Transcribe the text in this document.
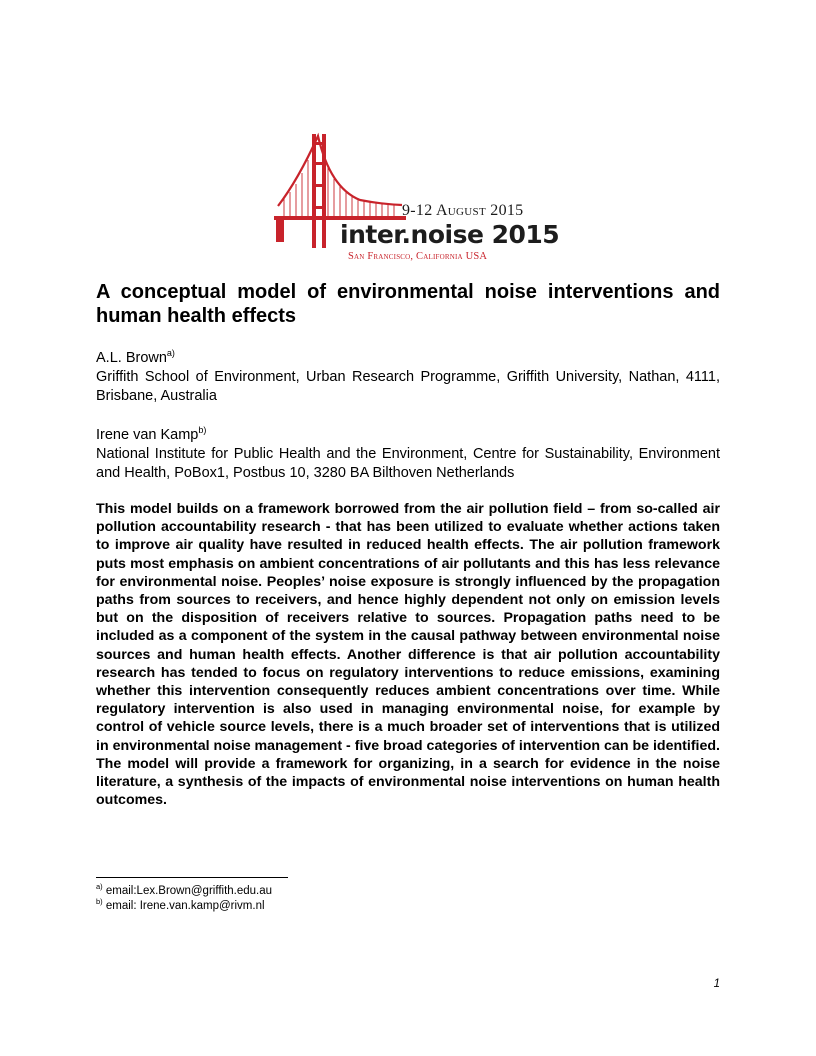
9-12 August 2015
inter.noise 2015
San Francisco, California USA
A conceptual model of environmental noise interventions and human health effects
A.L. Brown$^{a)}$
Griffith School of Environment, Urban Research Programme, Griffith University, Nathan, 4111, Brisbane, Australia
Irene van Kamp$^{b)}$
National Institute for Public Health and the Environment, Centre for Sustainability, Environment and Health, PoBox1, Postbus 10, 3280 BA Bilthoven Netherlands

This model builds on a framework borrowed from the air pollution field – from so-called air pollution accountability research - that has been utilized to evaluate whether actions taken to improve air quality have resulted in reduced health effects. The air pollution framework puts most emphasis on ambient concentrations of air pollutants and this has less relevance for environmental noise. Peoples’ noise exposure is strongly influenced by the propagation paths from sources to receivers, and hence highly dependent not only on emission levels but on the disposition of receivers relative to sources. Propagation paths need to be included as a component of the system in the causal pathway between environmental noise sources and human health effects. Another difference is that air pollution accountability research has tended to focus on regulatory interventions to reduce emissions, examining whether this intervention consequently reduces ambient concentrations over time. While regulatory intervention is also used in managing environmental noise, for example by control of vehicle source levels, there is a much broader set of interventions that is utilized in environmental noise management - five broad categories of intervention can be identified. The model will provide a framework for organizing, in a search for evidence in the noise literature, a synthesis of the impacts of environmental noise interventions on human health outcomes.

$^{a)}$ email:Lex.Brown@griffith.edu.au
$^{b)}$ email: Irene.van.kamp@rivm.nl
1
